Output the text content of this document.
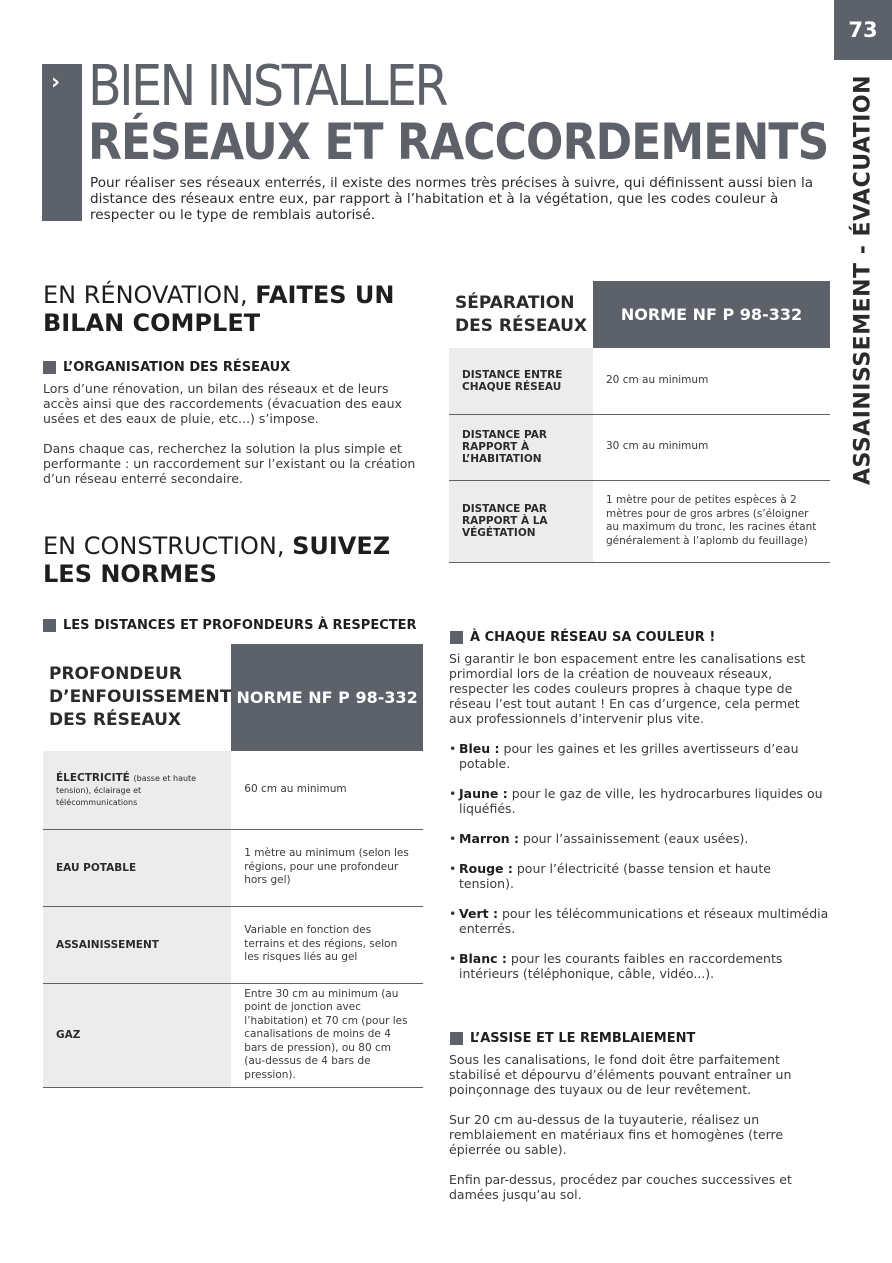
73
ASSAINISSEMENT - ÉVACUATION
› BIEN INSTALLER
RÉSEAUX ET RACCORDEMENTS
Pour réaliser ses réseaux enterrés, il existe des normes très précises à suivre, qui définissent aussi bien la distance des réseaux entre eux, par rapport à l’habitation et à la végétation, que les codes couleur à respecter ou le type de remblais autorisé.
EN RÉNOVATION, FAITES UN BILAN COMPLET
L’ORGANISATION DES RÉSEAUX

Lors d’une rénovation, un bilan des réseaux et de leurs accès ainsi que des raccordements (évacuation des eaux usées et des eaux de pluie, etc...) s’impose.

Dans chaque cas, recherchez la solution la plus simple et performante : un raccordement sur l’existant ou la création d’un réseau enterré secondaire.

SÉPARATION DES RÉSEAUX	NORME NF P 98-332
DISTANCE ENTRE CHAQUE RÉSEAU	20 cm au minimum
DISTANCE PAR RAPPORT À L’HABITATION	30 cm au minimum
DISTANCE PAR RAPPORT À LA VÉGÉTATION	1 mètre pour de petites espèces à 2 mètres pour de gros arbres (s’éloigner au maximum du tronc, les racines étant généralement à l’aplomb du feuillage)
EN CONSTRUCTION, SUIVEZ LES NORMES
LES DISTANCES ET PROFONDEURS À RESPECTER
PROFONDEUR D’ENFOUISSEMENT DES RÉSEAUX	NORME NF P 98-332
ÉLECTRICITÉ (basse et haute tension), éclairage et télécommunications	60 cm au minimum
EAU POTABLE	1 mètre au minimum (selon les régions, pour une profondeur hors gel)
ASSAINISSEMENT	Variable en fonction des terrains et des régions, selon les risques liés au gel
GAZ	Entre 30 cm au minimum (au point de jonction avec l’habitation) et 70 cm (pour les canalisations de moins de 4 bars de pression), ou 80 cm (au-dessus de 4 bars de pression).
À CHAQUE RÉSEAU SA COULEUR !

Si garantir le bon espacement entre les canalisations est primordial lors de la création de nouveaux réseaux, respecter les codes couleurs propres à chaque type de réseau l’est tout autant ! En cas d’urgence, cela permet aux professionnels d’intervenir plus vite.

• Bleu : pour les gaines et les grilles avertisseurs d’eau potable.
• Jaune : pour le gaz de ville, les hydrocarbures liquides ou liquéfiés.
• Marron : pour l’assainissement (eaux usées).
• Rouge : pour l’électricité (basse tension et haute tension).
• Vert : pour les télécommunications et réseaux multimédia enterrés.
• Blanc : pour les courants faibles en raccordements intérieurs (téléphonique, câble, vidéo...).
L’ASSISE ET LE REMBLAIEMENT

Sous les canalisations, le fond doit être parfaitement stabilisé et dépourvu d’éléments pouvant entraîner un poinçonnage des tuyaux ou de leur revêtement.

Sur 20 cm au-dessus de la tuyauterie, réalisez un remblaiement en matériaux fins et homogènes (terre épierrée ou sable).

Enfin par-dessus, procédez par couches successives et damées jusqu’au sol.
